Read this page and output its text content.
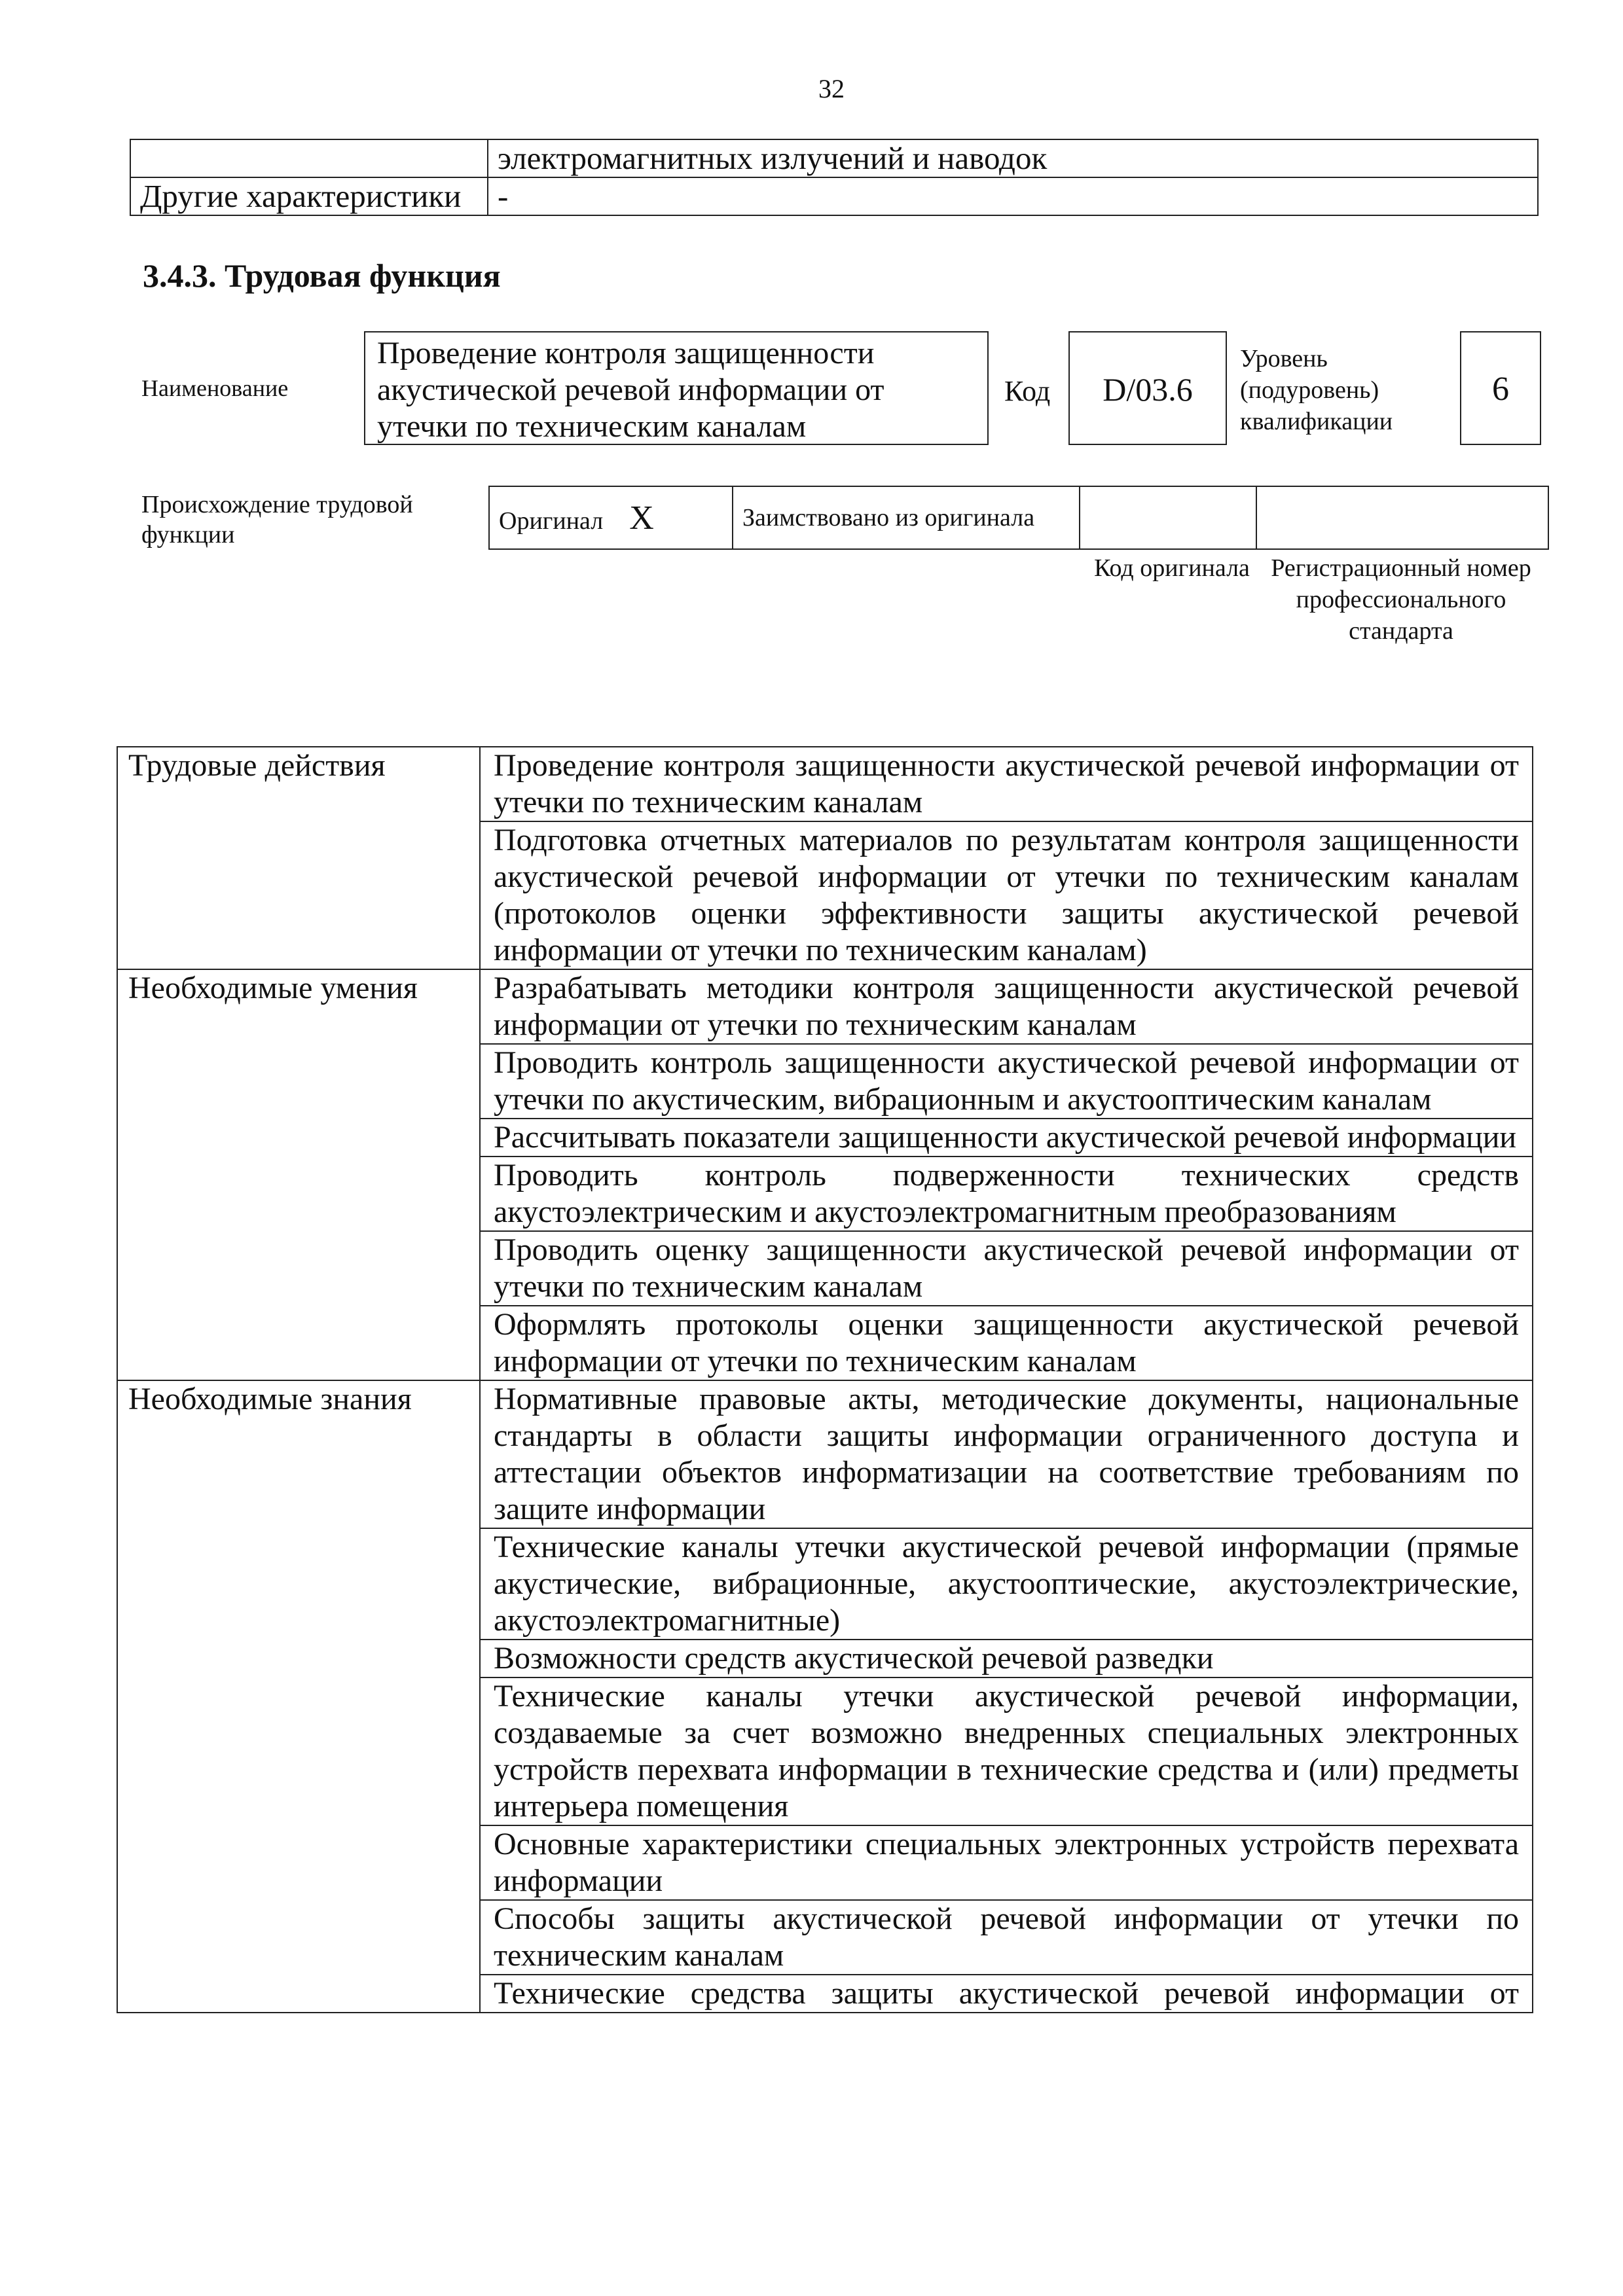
32
	электромагнитных излучений и наводок
Другие характеристики	-
3.4.3. Трудовая функция
Наименование
Проведение контроля защищенности акустической речевой информации от утечки по техническим каналам
Код	D/03.6
Уровень (подуровень) квалификации
6
Происхождение трудовой функции
Оригинал X	Заимствовано из оригинала		
Код оригинала Регистрационный номер профессионального стандарта
Трудовые действия	Проведение контроля защищенности акустической речевой информации от утечки по техническим каналам
	Подготовка отчетных материалов по результатам контроля защищенности акустической речевой информации от утечки по техническим каналам (протоколов оценки эффективности защиты акустической речевой информации от утечки по техническим каналам)
Необходимые умения	Разрабатывать методики контроля защищенности акустической речевой информации от утечки по техническим каналам
	Проводить контроль защищенности акустической речевой информации от утечки по акустическим, вибрационным и акустооптическим каналам
	Рассчитывать показатели защищенности акустической речевой информации
	Проводить контроль подверженности технических средств акустоэлектрическим и акустоэлектромагнитным преобразованиям
	Проводить оценку защищенности акустической речевой информации от утечки по техническим каналам
	Оформлять протоколы оценки защищенности акустической речевой информации от утечки по техническим каналам
Необходимые знания	Нормативные правовые акты, методические документы, национальные стандарты в области защиты информации ограниченного доступа и аттестации объектов информатизации на соответствие требованиям по защите информации
	Технические каналы утечки акустической речевой информации (прямые акустические, вибрационные, акустооптические, акустоэлектрические, акустоэлектромагнитные)
	Возможности средств акустической речевой разведки
	Технические каналы утечки акустической речевой информации, создаваемые за счет возможно внедренных специальных электронных устройств перехвата информации в технические средства и (или) предметы интерьера помещения
	Основные характеристики специальных электронных устройств перехвата информации
	Способы защиты акустической речевой информации от утечки по техническим каналам
	Технические средства защиты акустической речевой информации от
